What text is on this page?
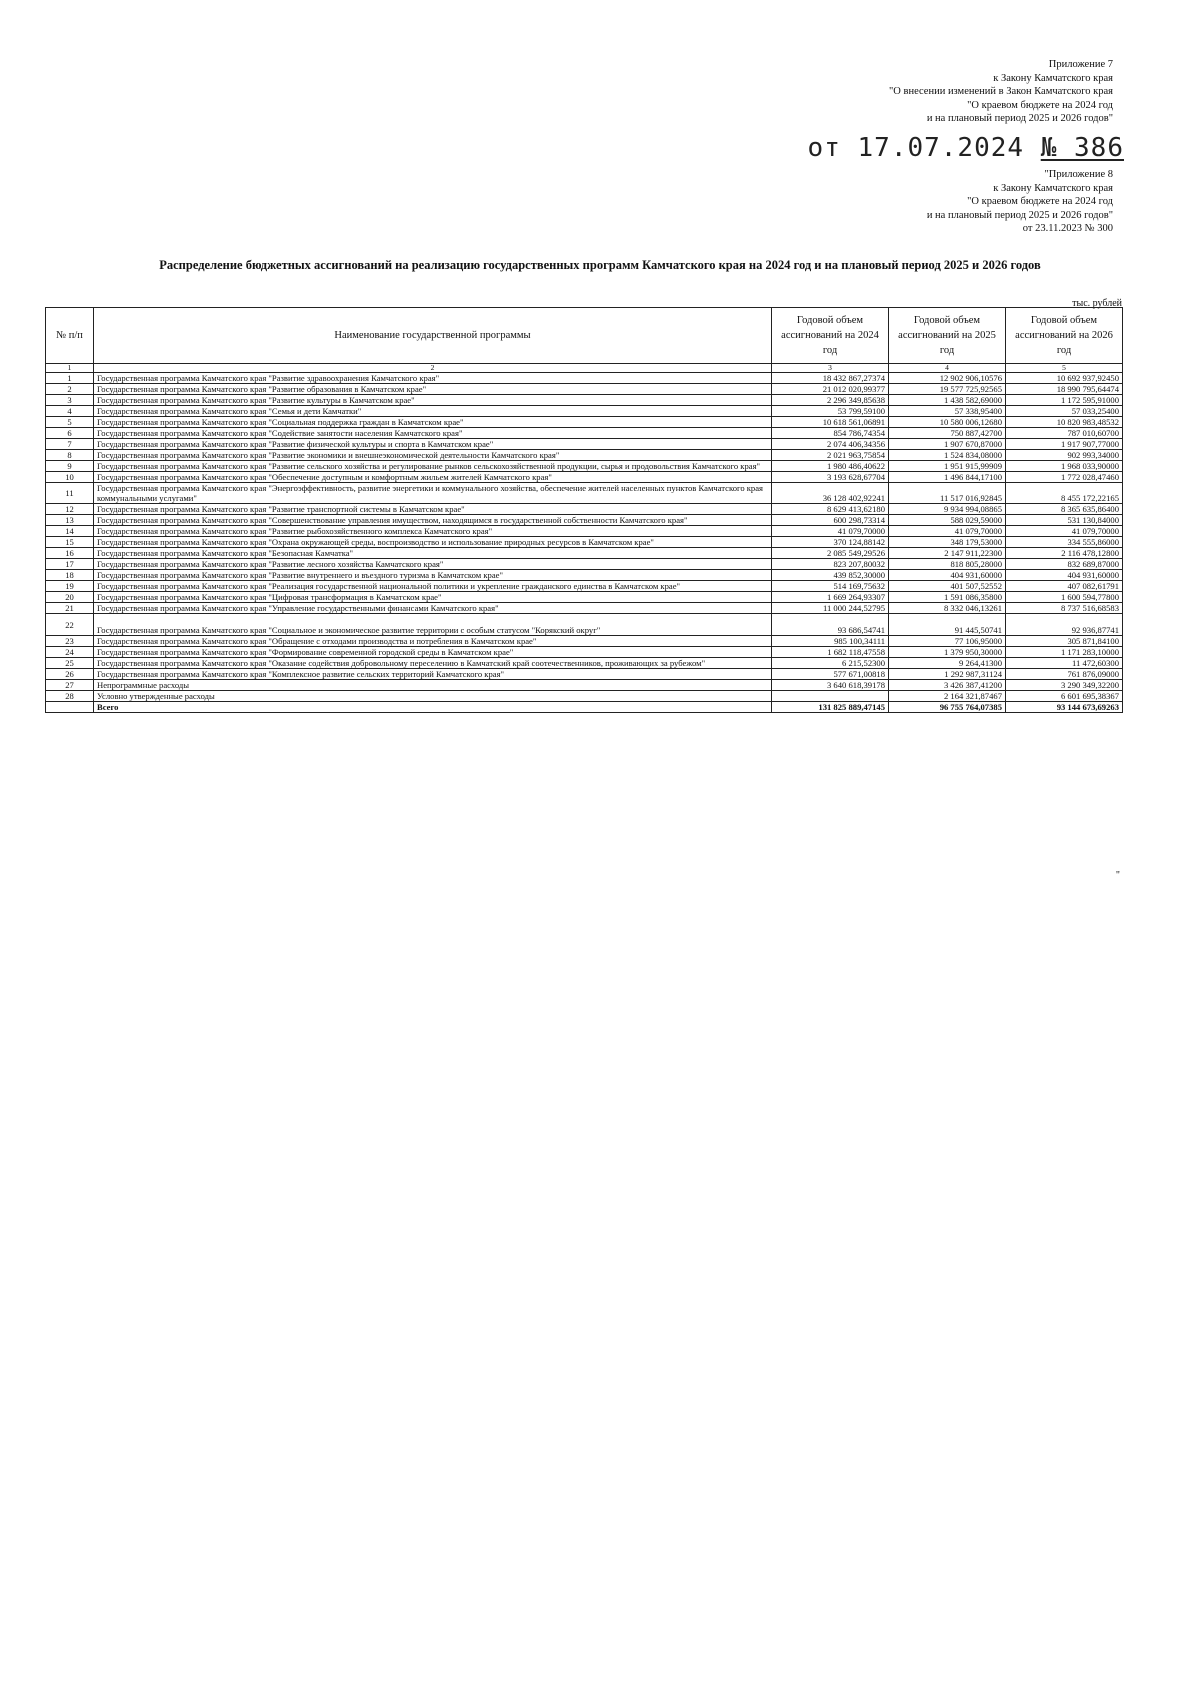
Приложение 7
к Закону Камчатского края
"О внесении изменений в Закон Камчатского края
"О краевом бюджете на 2024 год
и на плановый период 2025 и 2026 годов"
от 17.07.2024 № 386
"Приложение 8
к Закону Камчатского края
"О краевом бюджете на 2024 год
и на плановый период 2025 и 2026 годов"
от 23.11.2023 № 300
Распределение бюджетных ассигнований на реализацию государственных программ Камчатского края на 2024 год и на плановый период 2025 и 2026 годов
тыс. рублей
№ п/п	Наименование государственной программы	Годовой объем ассигнований на 2024 год	Годовой объем ассигнований на 2025 год	Годовой объем ассигнований на 2026 год
1	2	3	4	5
1	Государственная программа Камчатского края "Развитие здравоохранения Камчатского края"	18 432 867,27374	12 902 906,10576	10 692 937,92450
2	Государственная программа Камчатского края "Развитие образования в Камчатском крае"	21 012 020,99377	19 577 725,92565	18 990 795,64474
3	Государственная программа Камчатского края "Развитие культуры в Камчатском крае"	2 296 349,85638	1 438 582,69000	1 172 595,91000
4	Государственная программа Камчатского края "Семья и дети Камчатки"	53 799,59100	57 338,95400	57 033,25400
5	Государственная программа Камчатского края "Социальная поддержка граждан в Камчатском крае"	10 618 561,06891	10 580 006,12680	10 820 983,48532
6	Государственная программа Камчатского края "Содействие занятости населения Камчатского края"	854 786,74354	750 887,42700	787 010,60700
7	Государственная программа Камчатского края "Развитие физической культуры и спорта в Камчатском крае"	2 074 406,34356	1 907 670,87000	1 917 907,77000
8	Государственная программа Камчатского края "Развитие экономики и внешнеэкономической деятельности Камчатского края"	2 021 963,75854	1 524 834,08000	902 993,34000
9	Государственная программа Камчатского края "Развитие сельского хозяйства и регулирование рынков сельскохозяйственной продукции, сырья и продовольствия Камчатского края"	1 980 486,40622	1 951 915,99909	1 968 033,90000
10	Государственная программа Камчатского края "Обеспечение доступным и комфортным жильем жителей Камчатского края"	3 193 628,67704	1 496 844,17100	1 772 028,47460
11	Государственная программа Камчатского края "Энергоэффективность, развитие энергетики и коммунального хозяйства, обеспечение жителей населенных пунктов Камчатского края коммунальными услугами"	36 128 402,92241	11 517 016,92845	8 455 172,22165
12	Государственная программа Камчатского края "Развитие транспортной системы в Камчатском крае"	8 629 413,62180	9 934 994,08865	8 365 635,86400
13	Государственная программа Камчатского края "Совершенствование управления имуществом, находящимся в государственной собственности Камчатского края"	600 298,73314	588 029,59000	531 130,84000
14	Государственная программа Камчатского края "Развитие рыбохозяйственного комплекса Камчатского края"	41 079,70000	41 079,70000	41 079,70000
15	Государственная программа Камчатского края "Охрана окружающей среды, воспроизводство и использование природных ресурсов в Камчатском крае"	370 124,88142	348 179,53000	334 555,86000
16	Государственная программа Камчатского края "Безопасная Камчатка"	2 085 549,29526	2 147 911,22300	2 116 478,12800
17	Государственная программа Камчатского края "Развитие лесного хозяйства Камчатского края"	823 207,80032	818 805,28000	832 689,87000
18	Государственная программа Камчатского края "Развитие внутреннего и въездного туризма в Камчатском крае"	439 852,30000	404 931,60000	404 931,60000
19	Государственная программа Камчатского края "Реализация государственной национальной политики и укрепление гражданского единства в Камчатском крае"	514 169,75632	401 507,52552	407 082,61791
20	Государственная программа Камчатского края "Цифровая трансформация в Камчатском крае"	1 669 264,93307	1 591 086,35800	1 600 594,77800
21	Государственная программа Камчатского края "Управление государственными финансами Камчатского края"	11 000 244,52795	8 332 046,13261	8 737 516,68583
22	Государственная программа Камчатского края "Социальное и экономическое развитие территории с особым статусом "Корякский округ"	93 686,54741	91 445,50741	92 936,87741
23	Государственная программа Камчатского края "Обращение с отходами производства и потребления в Камчатском крае"	985 100,34111	77 106,95000	305 871,84100
24	Государственная программа Камчатского края "Формирование современной городской среды в Камчатском крае"	1 682 118,47558	1 379 950,30000	1 171 283,10000
25	Государственная программа Камчатского края "Оказание содействия добровольному переселению в Камчатский край соотечественников, проживающих за рубежом"	6 215,52300	9 264,41300	11 472,60300
26	Государственная программа Камчатского края "Комплексное развитие сельских территорий Камчатского края"	577 671,00818	1 292 987,31124	761 876,09000
27	Непрограммные расходы	3 640 618,39178	3 426 387,41200	3 290 349,32200
28	Условно утвержденные расходы		2 164 321,87467	6 601 695,38367
	Всего	131 825 889,47145	96 755 764,07385	93 144 673,69263
"
